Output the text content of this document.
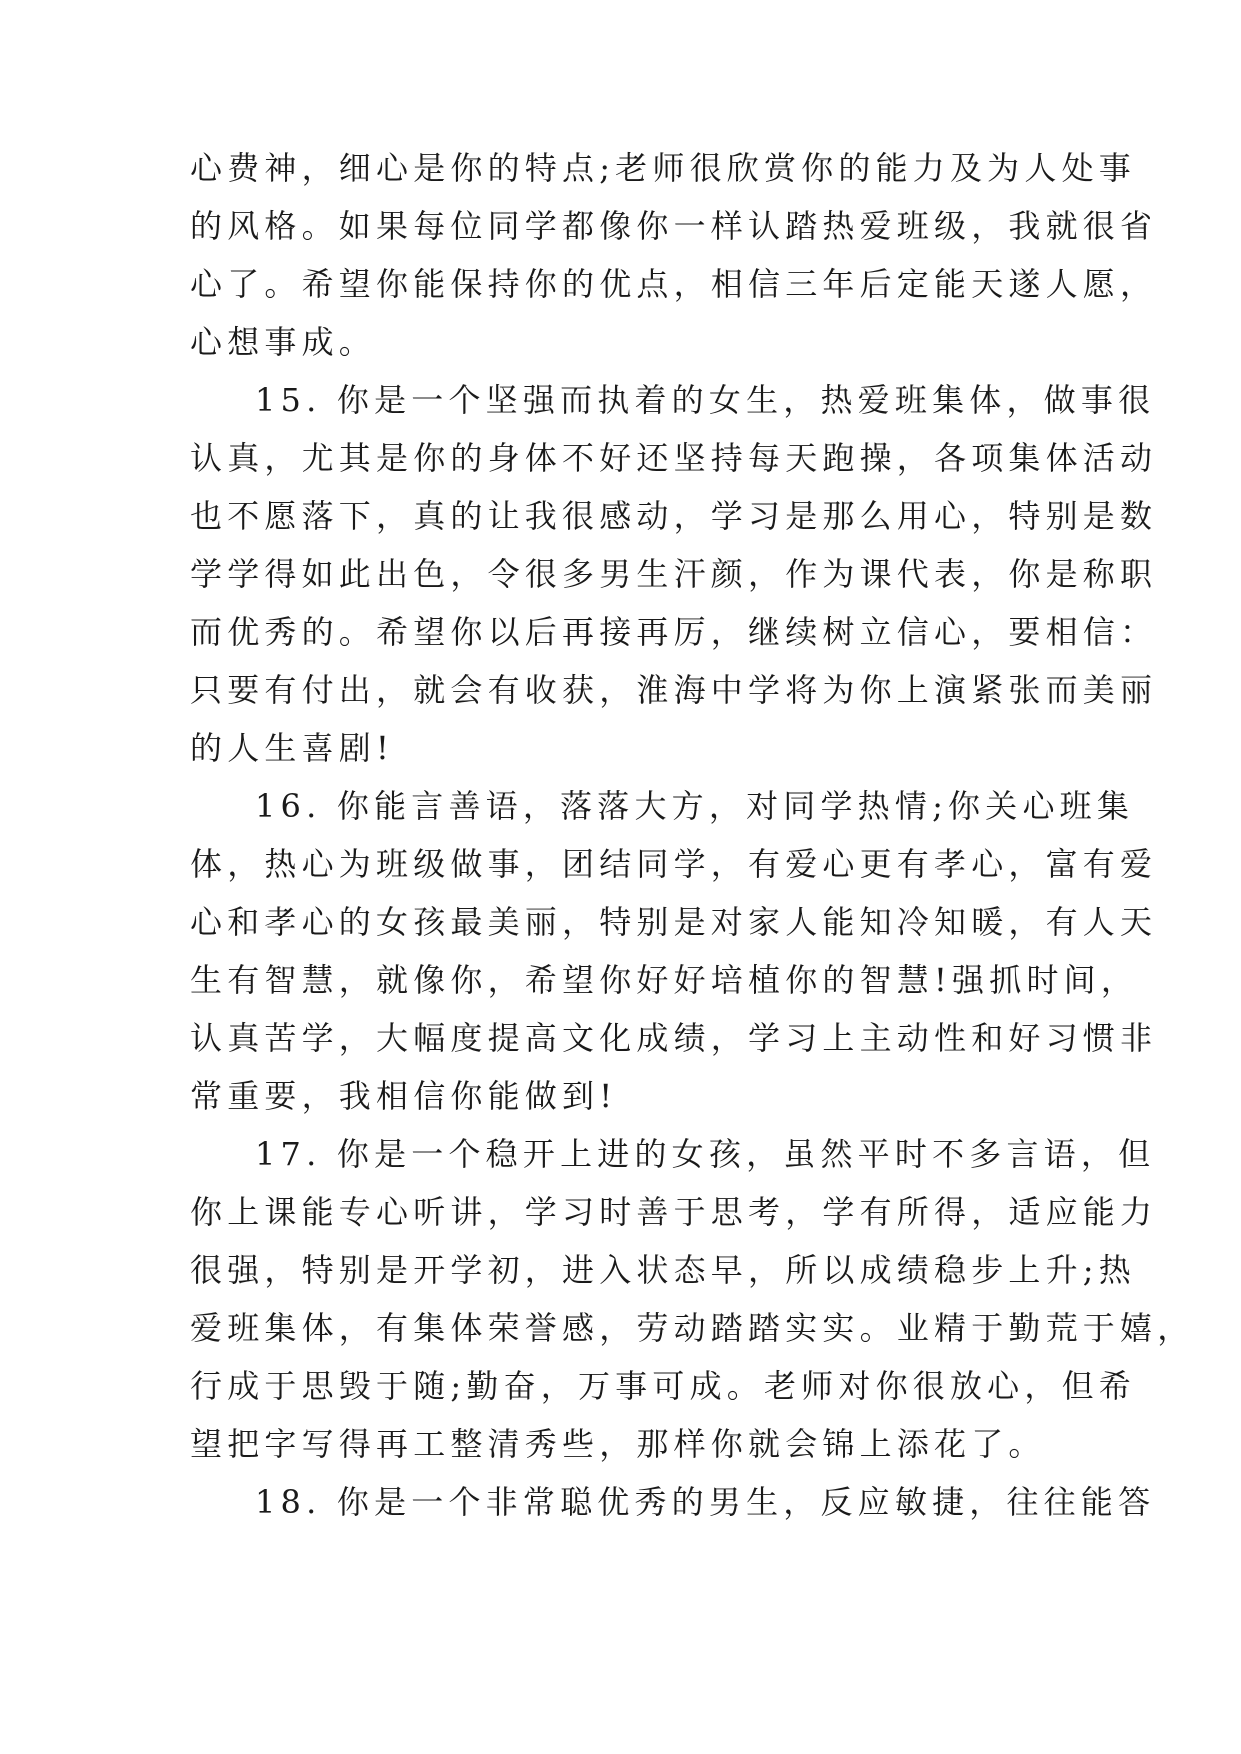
心费神，细心是你的特点;老师很欣赏你的能力及为人处事
的风格。如果每位同学都像你一样认踏热爱班级，我就很省
心了。希望你能保持你的优点，相信三年后定能天遂人愿，
心想事成。
15. 你是一个坚强而执着的女生，热爱班集体，做事很
认真，尤其是你的身体不好还坚持每天跑操，各项集体活动
也不愿落下，真的让我很感动，学习是那么用心，特别是数
学学得如此出色，令很多男生汗颜，作为课代表，你是称职
而优秀的。希望你以后再接再厉，继续树立信心，要相信：
只要有付出，就会有收获，淮海中学将为你上演紧张而美丽
的人生喜剧!
16. 你能言善语，落落大方，对同学热情;你关心班集
体，热心为班级做事，团结同学，有爱心更有孝心，富有爱
心和孝心的女孩最美丽，特别是对家人能知冷知暖，有人天
生有智慧，就像你，希望你好好培植你的智慧!强抓时间，
认真苦学，大幅度提高文化成绩，学习上主动性和好习惯非
常重要，我相信你能做到!
17. 你是一个稳开上进的女孩，虽然平时不多言语，但
你上课能专心听讲，学习时善于思考，学有所得，适应能力
很强，特别是开学初，进入状态早，所以成绩稳步上升;热
爱班集体，有集体荣誉感，劳动踏踏实实。业精于勤荒于嬉，
行成于思毁于随;勤奋，万事可成。老师对你很放心，但希
望把字写得再工整清秀些，那样你就会锦上添花了。
18. 你是一个非常聪优秀的男生，反应敏捷，往往能答
